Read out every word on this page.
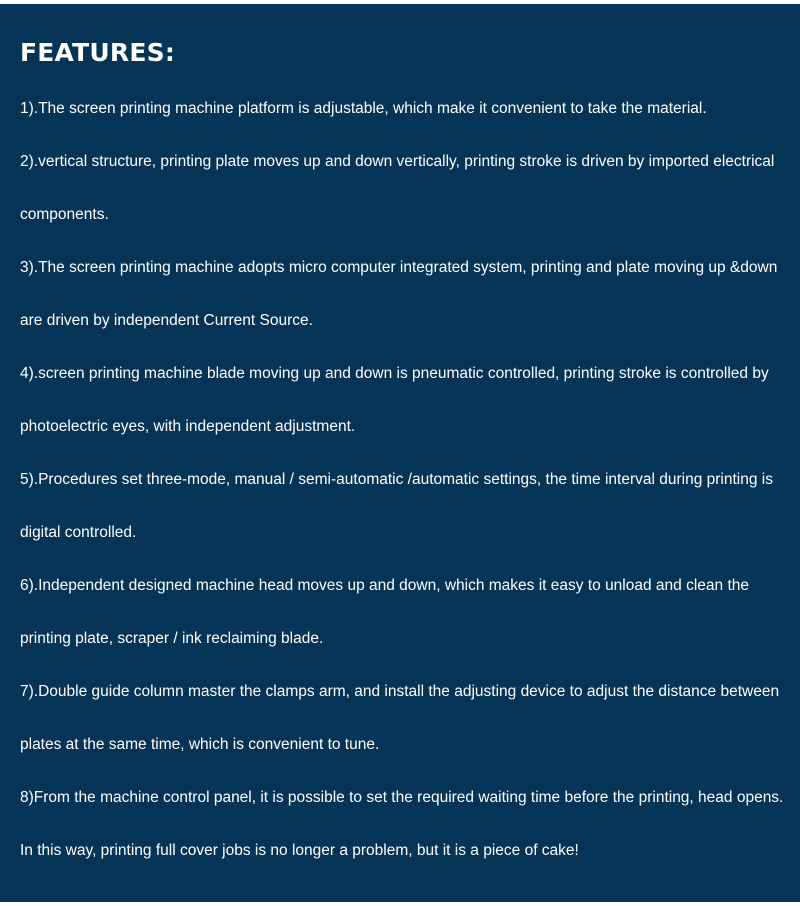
FEATURES:
1).The screen printing machine platform is adjustable, which make it convenient to take the material.
2).vertical structure, printing plate moves up and down vertically, printing stroke is driven by imported electrical components.
3).The screen printing machine adopts micro computer integrated system, printing and plate moving up &down are driven by independent Current Source.
4).screen printing machine blade moving up and down is pneumatic controlled, printing stroke is controlled by photoelectric eyes, with independent adjustment.
5).Procedures set three-mode, manual / semi-automatic /automatic settings, the time interval during printing is digital controlled.
6).Independent designed machine head moves up and down, which makes it easy to unload and clean the printing plate, scraper / ink reclaiming blade.
7).Double guide column master the clamps arm, and install the adjusting device to adjust the distance between plates at the same time, which is convenient to tune.
8)From the machine control panel, it is possible to set the required waiting time before the printing, head opens. In this way, printing full cover jobs is no longer a problem, but it is a piece of cake!
